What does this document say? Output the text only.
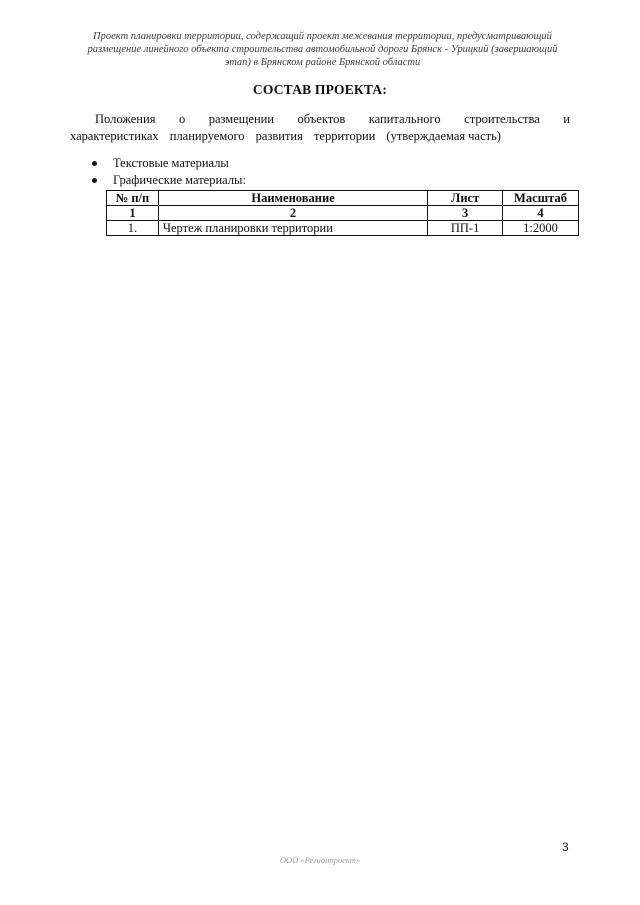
Проект планировки территории, содержащий проект межевания территории, предусматривающий
размещение линейного объекта строительства автомобильной дороги Брянск - Урицкий (завершающий
этап) в Брянском районе Брянской области
СОСТАВ ПРОЕКТА:
Положения о размещении объектов капитального строительства и
характеристиках планируемого развития территории (утверждаемая часть)
Текстовые материалы
Графические материалы:
№ п/п	Наименование	Лист	Масштаб
1	2	3	4
1.	Чертеж планировки территории	ПП-1	1:2000
3
ООО «Регионпроект»
